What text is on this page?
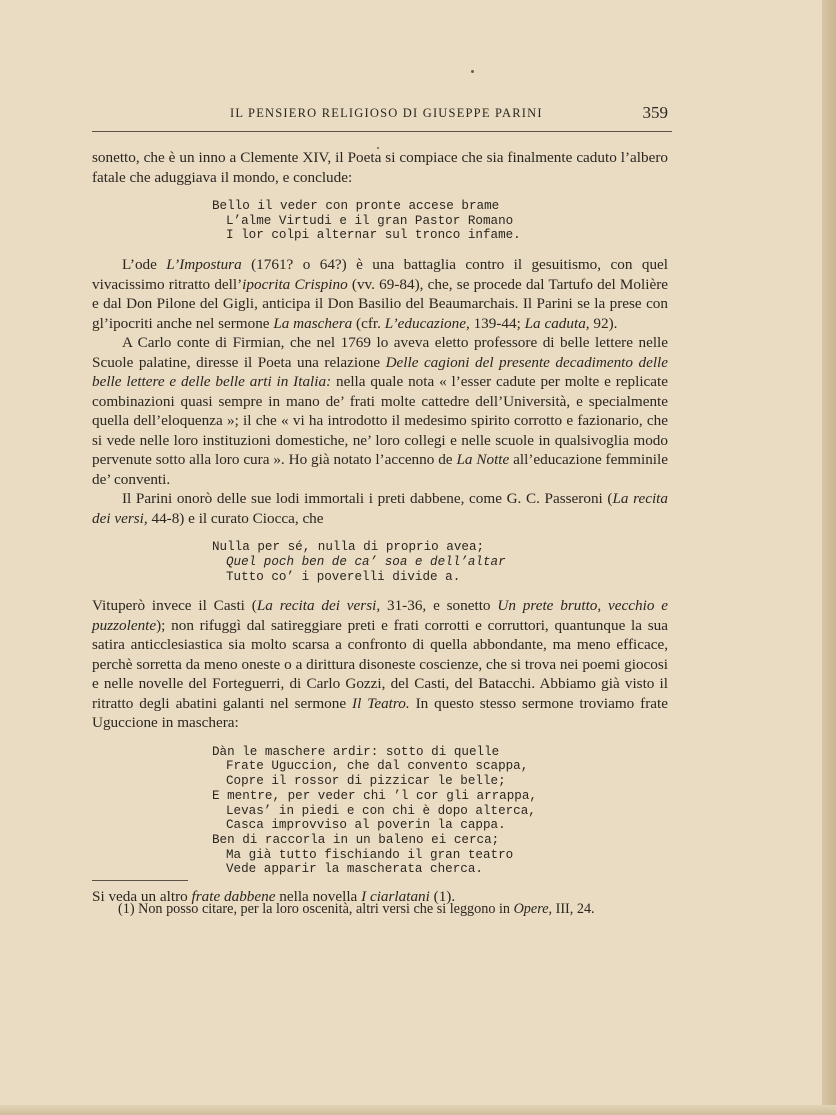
IL PENSIERO RELIGIOSO DI GIUSEPPE PARINI	359

sonetto, che è un inno a Clemente XIV, il Poeta si compiace che sia finalmente caduto l’albero fatale che aduggiava il mondo, e conclude:

Bello il veder con pronte accese brame
L’alme Virtudi e il gran Pastor Romano
I lor colpi alternar sul tronco infame.

L’ode L’Impostura (1761? o 64?) è una battaglia contro il gesuitismo, con quel vivacissimo ritratto dell’ipocrita Crispino (vv. 69-84), che, se procede dal Tartufo del Molière e dal Don Pilone del Gigli, anticipa il Don Basilio del Beaumarchais. Il Parini se la prese con gl’ipocriti anche nel sermone La maschera (cfr. L’educazione, 139-44; La caduta, 92).

A Carlo conte di Firmian, che nel 1769 lo aveva eletto professore di belle lettere nelle Scuole palatine, diresse il Poeta una relazione Delle cagioni del presente decadimento delle belle lettere e delle belle arti in Italia: nella quale nota « l’esser cadute per molte e replicate combinazioni quasi sempre in mano de’ frati molte cattedre dell’Università, e specialmente quella dell’eloquenza »; il che « vi ha introdotto il medesimo spirito corrotto e fazionario, che si vede nelle loro instituzioni domestiche, ne’ loro collegi e nelle scuole in qualsivoglia modo pervenute sotto alla loro cura ». Ho già notato l’accenno de La Notte all’educazione femminile de’ conventi.

Il Parini onorò delle sue lodi immortali i preti dabbene, come G. C. Passeroni (La recita dei versi, 44-8) e il curato Ciocca, che

Nulla per sé, nulla di proprio avea;
Quel poch ben de ca’ soa e dell’altar
Tutto co’ i poverelli divide a.

Vituperò invece il Casti (La recita dei versi, 31-36, e sonetto Un prete brutto, vecchio e puzzolente); non rifuggì dal satireggiare preti e frati corrotti e corruttori, quantunque la sua satira anticclesiastica sia molto scarsa a confronto di quella abbondante, ma meno efficace, perchè sorretta da meno oneste o a dirittura disoneste coscienze, che si trova nei poemi giocosi e nelle novelle del Forteguerri, di Carlo Gozzi, del Casti, del Batacchi. Abbiamo già visto il ritratto degli abatini galanti nel sermone Il Teatro. In questo stesso sermone troviamo frate Uguccione in maschera:

Dàn le maschere ardir: sotto di quelle
Frate Uguccion, che dal convento scappa,
Copre il rossor di pizzicar le belle;
E mentre, per veder chi ’l cor gli arrappa,
Levas’ in piedi e con chi è dopo alterca,
Casca improvviso al poverin la cappa.
Ben di raccorla in un baleno ei cerca;
Ma già tutto fischiando il gran teatro
Vede apparir la mascherata cherca.

Si veda un altro frate dabbene nella novella I ciarlatani (1).

(1) Non posso citare, per la loro oscenità, altri versi che si leggono in Opere, III, 24.
